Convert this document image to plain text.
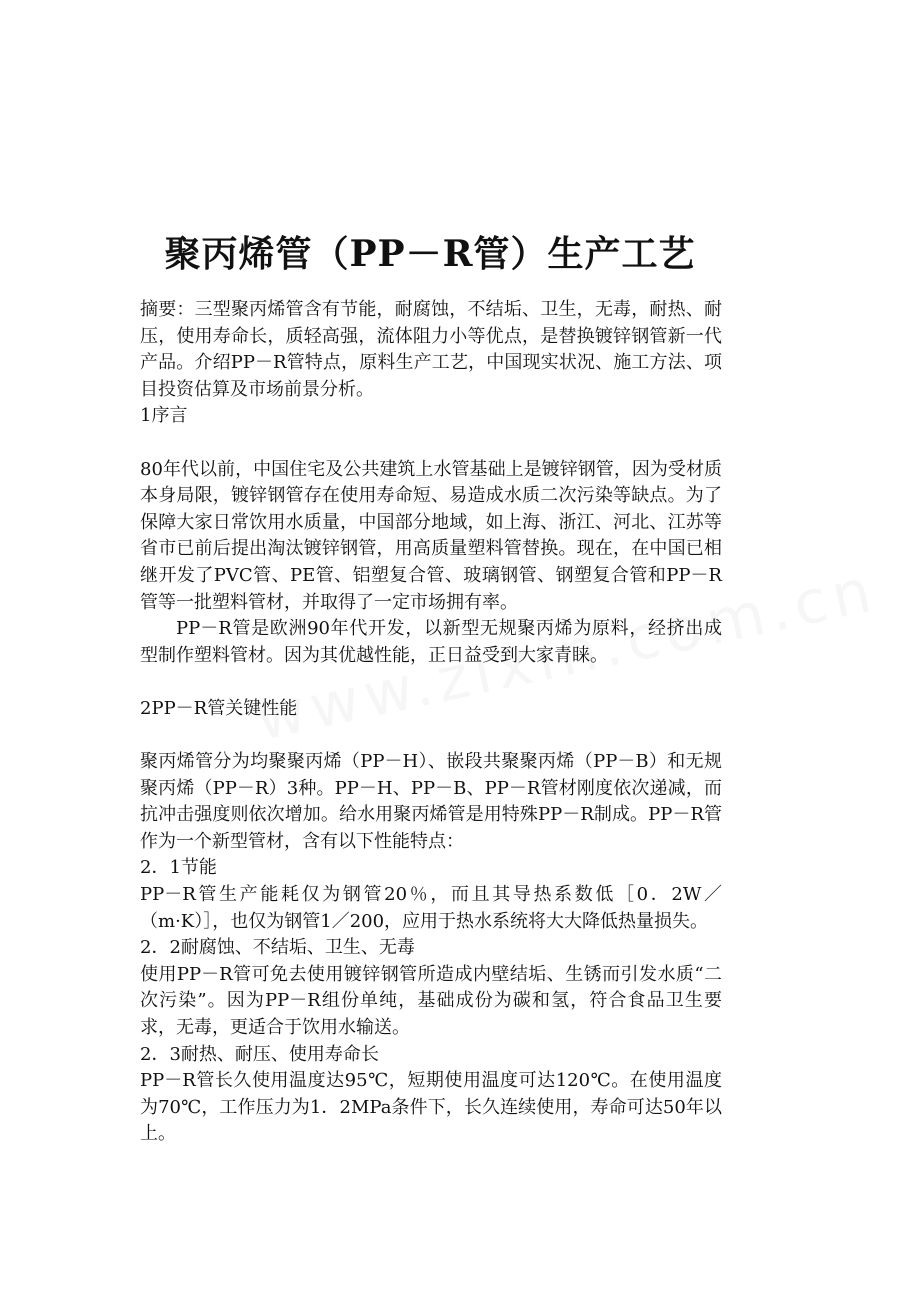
聚丙烯管（PP－R管）生产工艺

摘要：三型聚丙烯管含有节能，耐腐蚀，不结垢、卫生，无毒，耐热、耐压，使用寿命长，质轻高强，流体阻力小等优点，是替换镀锌钢管新一代产品。介绍PP－R管特点，原料生产工艺，中国现实状况、施工方法、项目投资估算及市场前景分析。

1序言

80年代以前，中国住宅及公共建筑上水管基础上是镀锌钢管，因为受材质本身局限，镀锌钢管存在使用寿命短、易造成水质二次污染等缺点。为了保障大家日常饮用水质量，中国部分地域，如上海、浙江、河北、江苏等省市已前后提出淘汰镀锌钢管，用高质量塑料管替换。现在，在中国已相继开发了PVC管、PE管、铝塑复合管、玻璃钢管、钢塑复合管和PP－R管等一批塑料管材，并取得了一定市场拥有率。

PP－R管是欧洲90年代开发，以新型无规聚丙烯为原料，经挤出成型制作塑料管材。因为其优越性能，正日益受到大家青睐。

2PP－R管关键性能

聚丙烯管分为均聚聚丙烯（PP－H）、嵌段共聚聚丙烯（PP－B）和无规聚丙烯（PP－R）3种。PP－H、PP－B、PP－R管材刚度依次递减，而抗冲击强度则依次增加。给水用聚丙烯管是用特殊PP－R制成。PP－R管作为一个新型管材，含有以下性能特点：

2．1节能

PP－R管生产能耗仅为钢管20％，而且其导热系数低［0．2W／（m·K）］，也仅为钢管1／200，应用于热水系统将大大降低热量损失。

2．2耐腐蚀、不结垢、卫生、无毒

使用PP－R管可免去使用镀锌钢管所造成内壁结垢、生锈而引发水质“二次污染”。因为PP－R组份单纯，基础成份为碳和氢，符合食品卫生要求，无毒，更适合于饮用水输送。

2．3耐热、耐压、使用寿命长

PP－R管长久使用温度达95℃，短期使用温度可达120℃。在使用温度为70℃，工作压力为1．2MPa条件下，长久连续使用，寿命可达50年以上。
